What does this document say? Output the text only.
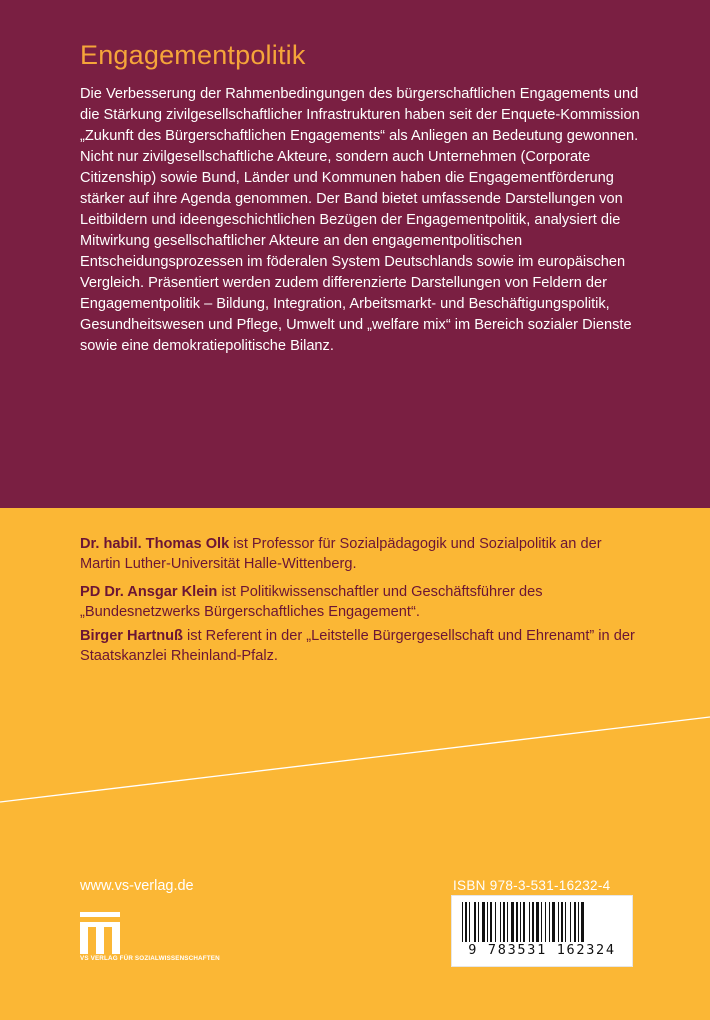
Engagementpolitik

Die Verbesserung der Rahmenbedingungen des bürgerschaftlichen Engagements und die Stärkung zivilgesellschaftlicher Infrastrukturen haben seit der Enquete-Kommission „Zukunft des Bürgerschaftlichen Engagements“ als Anliegen an Bedeutung gewonnen. Nicht nur zivilgesellschaftliche Akteure, sondern auch Unternehmen (Corporate Citizenship) sowie Bund, Länder und Kommunen haben die Engagementförderung stärker auf ihre Agenda genommen. Der Band bietet umfassende Darstellungen von Leitbildern und ideengeschichtlichen Bezügen der Engagementpolitik, analysiert die Mitwirkung gesellschaftlicher Akteure an den engagementpolitischen Entscheidungsprozessen im föderalen System Deutschlands sowie im europäischen Vergleich. Präsentiert werden zudem differenzierte Darstellungen von Feldern der Engagementpolitik – Bildung, Integration, Arbeitsmarkt- und Beschäftigungspolitik, Gesundheitswesen und Pflege, Umwelt und „welfare mix“ im Bereich sozialer Dienste sowie eine demokratiepolitische Bilanz.

Dr. habil. Thomas Olk ist Professor für Sozialpädagogik und Sozialpolitik an der Martin Luther-Universität Halle-Wittenberg.

PD Dr. Ansgar Klein ist Politikwissenschaftler und Geschäftsführer des „Bundesnetzwerks Bürgerschaftliches Engagement“.

Birger Hartnuß ist Referent in der „Leitstelle Bürgergesellschaft und Ehrenamt” in der Staatskanzlei Rheinland-Pfalz.

www.vs-verlag.de

VS VERLAG FÜR SOZIALWISSENSCHAFTEN

ISBN 978-3-531-16232-4

9 783531 162324
